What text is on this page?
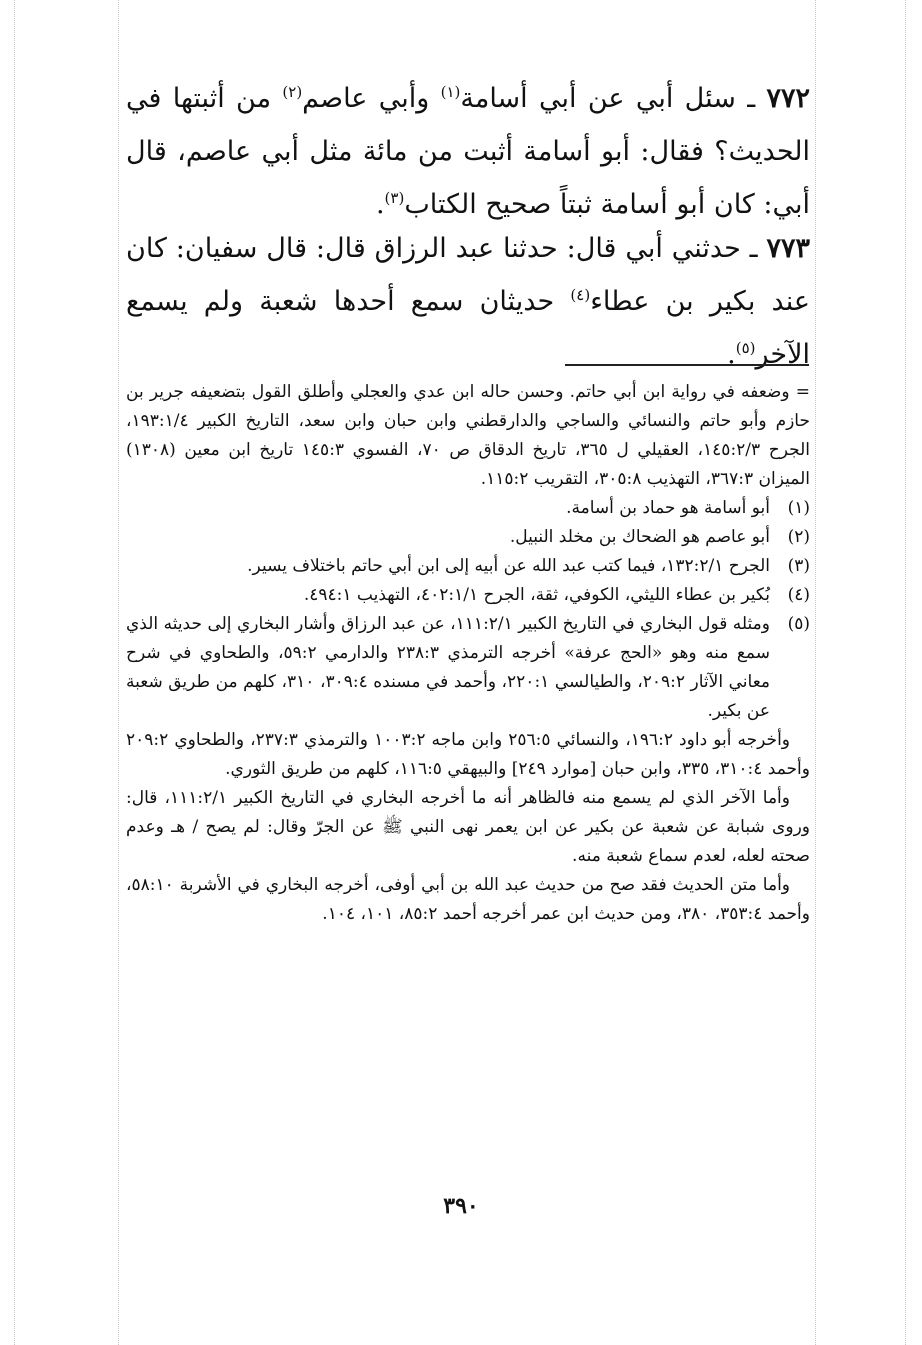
٧٧٢ ـ سئل أبي عن أبي أسامة$^{(١)}$ وأبي عاصم$^{(٢)}$ من أثبتها في الحديث؟ فقال: أبو أسامة أثبت من مائة مثل أبي عاصم، قال أبي: كان أبو أسامة ثبتاً صحيح الكتاب$^{(٣)}$.
٧٧٣ ـ حدثني أبي قال: حدثنا عبد الرزاق قال: قال سفيان: كان عند بكير بن عطاء$^{(٤)}$ حديثان سمع أحدها شعبة ولم يسمع الآخر$^{(٥)}$.
= وضعفه في رواية ابن أبي حاتم. وحسن حاله ابن عدي والعجلي وأطلق القول بتضعيفه جرير بن حازم وأبو حاتم والنسائي والساجي والدارقطني وابن حبان وابن سعد، التاريخ الكبير ١٩٣:١/٤، الجرح ١٤٥:٢/٣، العقيلي ل ٣٦٥، تاريخ الدقاق ص ٧٠، الفسوي ١٤٥:٣ تاريخ ابن معين (١٣٠٨) الميزان ٣٦٧:٣، التهذيب ٣٠٥:٨، التقريب ١١٥:٢.
(١)
أبو أسامة هو حماد بن أسامة.
(٢)
أبو عاصم هو الضحاك بن مخلد النبيل.
(٣)
الجرح ١٣٢:٢/١، فيما كتب عبد الله عن أبيه إلى ابن أبي حاتم باختلاف يسير.
(٤)
بُكير بن عطاء الليثي، الكوفي، ثقة، الجرح ٤٠٢:١/١، التهذيب ٤٩٤:١.
(٥)
ومثله قول البخاري في التاريخ الكبير ١١١:٢/١، عن عبد الرزاق وأشار البخاري إلى حديثه الذي سمع منه وهو «الحج عرفة» أخرجه الترمذي ٢٣٨:٣ والدارمي ٥٩:٢، والطحاوي في شرح معاني الآثار ٢٠٩:٢، والطيالسي ٢٢٠:١، وأحمد في مسنده ٣٠٩:٤، ٣١٠، كلهم من طريق شعبة عن بكير.
وأخرجه أبو داود ١٩٦:٢، والنسائي ٢٥٦:٥ وابن ماجه ١٠٠٣:٢ والترمذي ٢٣٧:٣، والطحاوي ٢٠٩:٢ وأحمد ٣١٠:٤، ٣٣٥، وابن حبان [موارد ٢٤٩] والبيهقي ١١٦:٥، كلهم من طريق الثوري.
وأما الآخر الذي لم يسمع منه فالظاهر أنه ما أخرجه البخاري في التاريخ الكبير ١١١:٢/١، قال: وروى شبابة عن شعبة عن بكير عن ابن يعمر نهى النبي ﷺ عن الجرّ وقال: لم يصح / هـ وعدم صحته لعله، لعدم سماع شعبة منه.
وأما متن الحديث فقد صح من حديث عبد الله بن أبي أوفى، أخرجه البخاري في الأشربة ٥٨:١٠، وأحمد ٣٥٣:٤، ٣٨٠، ومن حديث ابن عمر أخرجه أحمد ٨٥:٢، ١٠١، ١٠٤.
٣٩٠
